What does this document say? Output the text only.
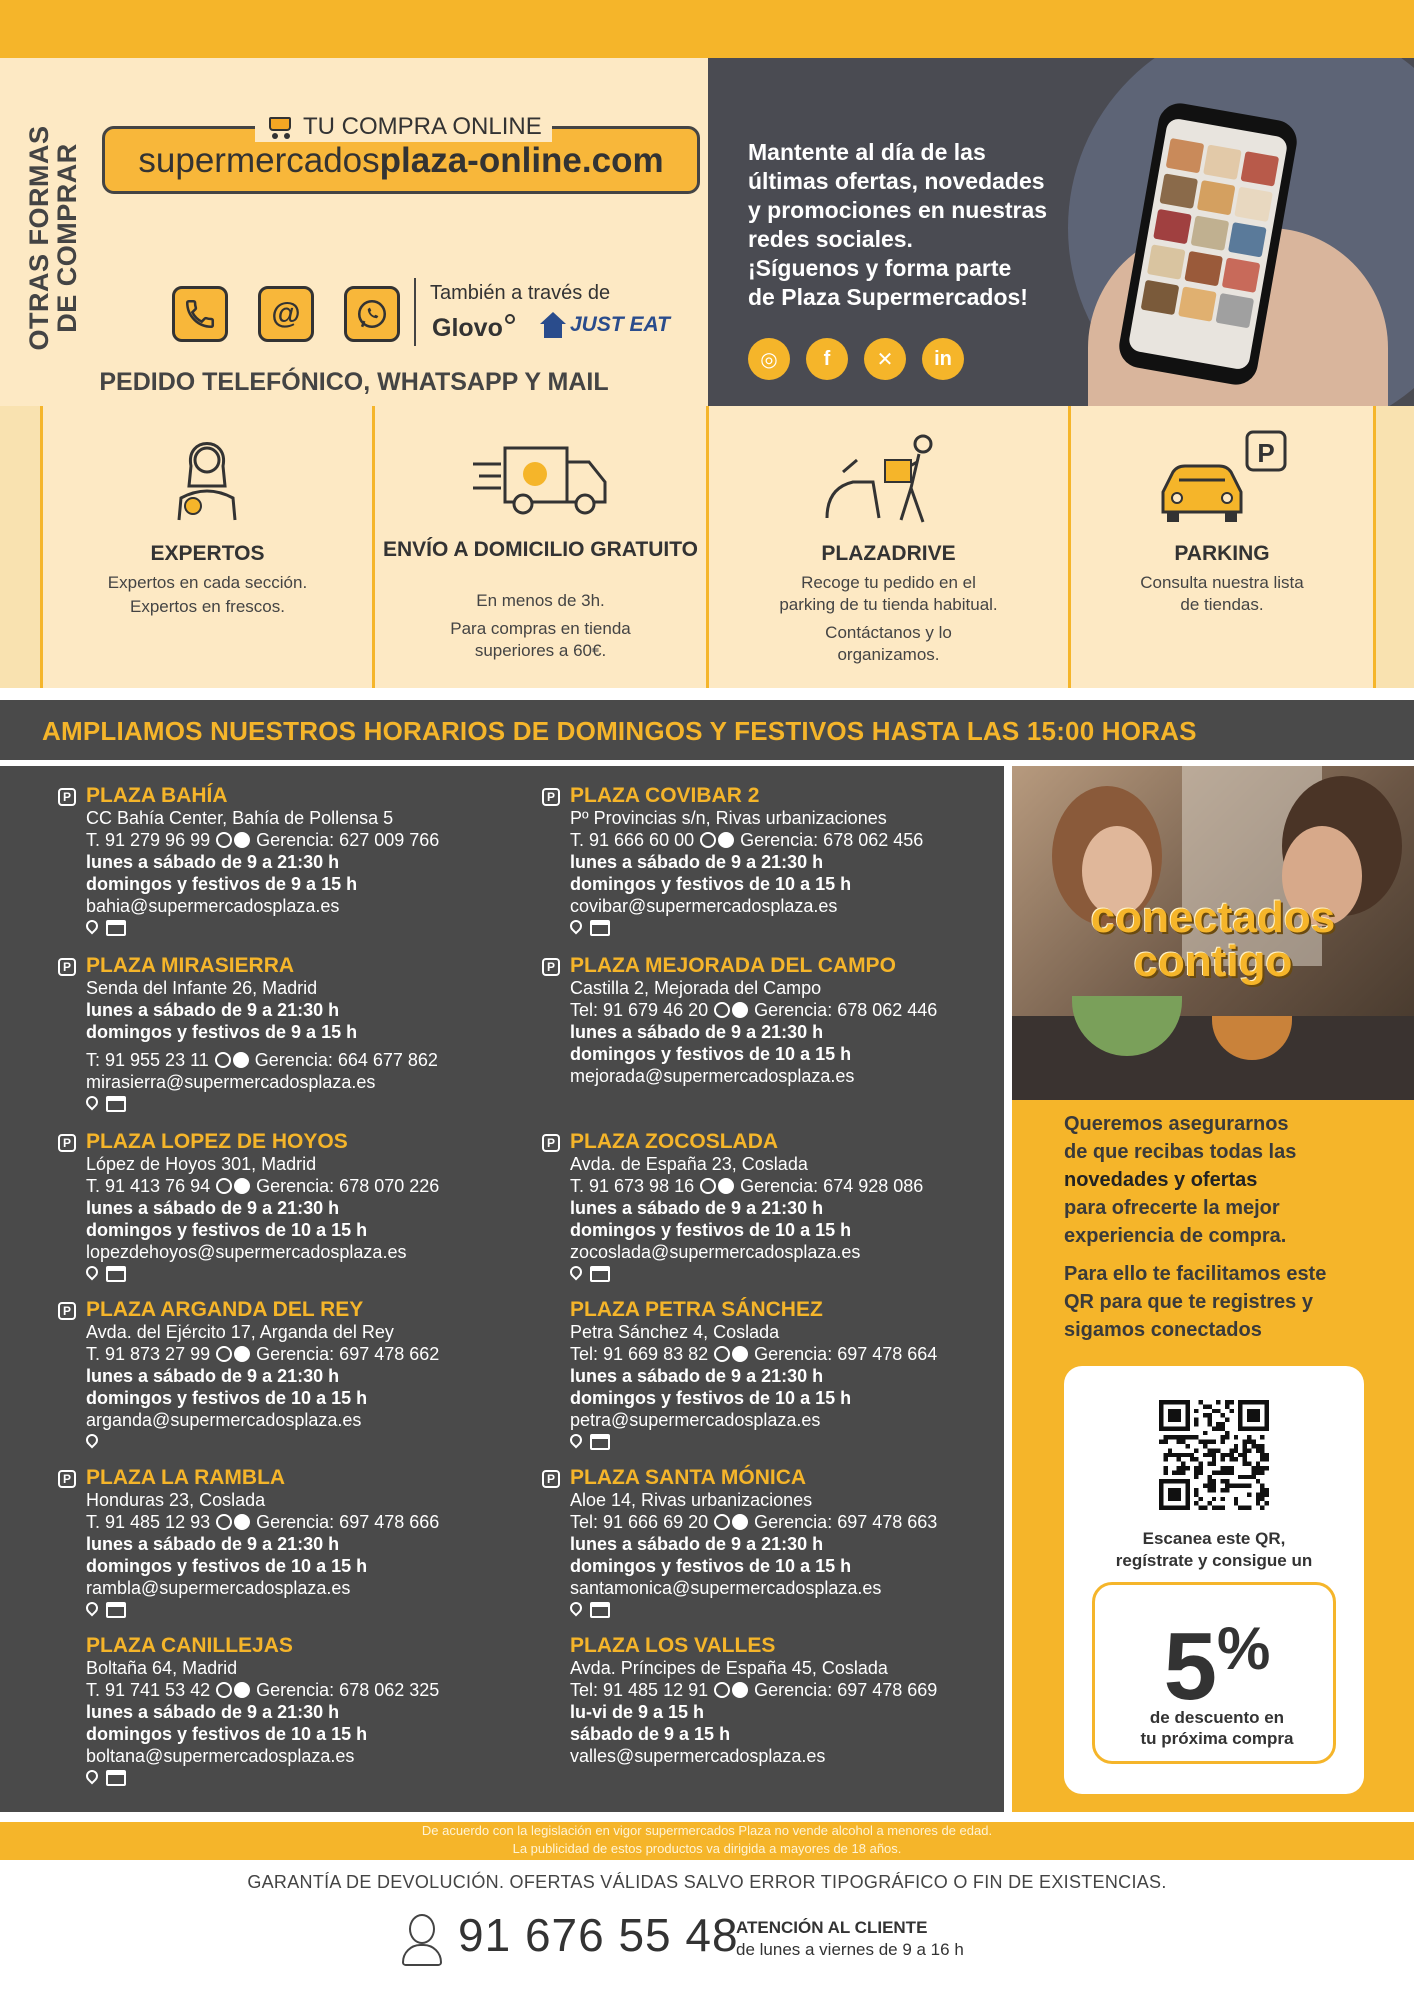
OTRAS FORMAS
DE COMPRAR
TU COMPRA ONLINE
supermercadosplaza-online.com
@
También a través de
Glovo	JUST EAT
PEDIDO TELEFÓNICO, WHATSAPP Y MAIL
Mantente al día de las
últimas ofertas, novedades
y promociones en nuestras
redes sociales.
¡Síguenos y forma parte
de Plaza Supermercados!
◎	f	✕	in
EXPERTOS
Expertos en cada sección.
Expertos en frescos.
ENVÍO A DOMICILIO GRATUITO
En menos de 3h.
Para compras en tienda
superiores a 60€.
PLAZADRIVE
Recoge tu pedido en el
parking de tu tienda habitual.
Contáctanos y lo
organizamos.
P
PARKING
Consulta nuestra lista
de tiendas.
AMPLIAMOS NUESTROS HORARIOS DE DOMINGOS Y FESTIVOS HASTA LAS 15:00 HORAS
P PLAZA BAHÍA
CC Bahía Center, Bahía de Pollensa 5
T. 91 279 96 99	Gerencia: 627 009 766
lunes a sábado de 9 a 21:30 h
domingos y festivos de 9 a 15 h
bahia@supermercadosplaza.es
P PLAZA MIRASIERRA
Senda del Infante 26, Madrid
lunes a sábado de 9 a 21:30 h
domingos y festivos de 9 a 15 h
T: 91 955 23 11	Gerencia: 664 677 862
mirasierra@supermercadosplaza.es
P PLAZA LOPEZ DE HOYOS
López de Hoyos 301, Madrid
T. 91 413 76 94	Gerencia: 678 070 226
lunes a sábado de 9 a 21:30 h
domingos y festivos de 10 a 15 h
lopezdehoyos@supermercadosplaza.es
P PLAZA ARGANDA DEL REY
Avda. del Ejército 17, Arganda del Rey
T. 91 873 27 99	Gerencia: 697 478 662
lunes a sábado de 9 a 21:30 h
domingos y festivos de 10 a 15 h
arganda@supermercadosplaza.es
P PLAZA LA RAMBLA
Honduras 23, Coslada
T. 91 485 12 93	Gerencia: 697 478 666
lunes a sábado de 9 a 21:30 h
domingos y festivos de 10 a 15 h
rambla@supermercadosplaza.es
PLAZA CANILLEJAS
Boltaña 64, Madrid
T. 91 741 53 42	Gerencia: 678 062 325
lunes a sábado de 9 a 21:30 h
domingos y festivos de 10 a 15 h
boltana@supermercadosplaza.es
P PLAZA COVIBAR 2
Pº Provincias s/n, Rivas urbanizaciones
T. 91 666 60 00	Gerencia: 678 062 456
lunes a sábado de 9 a 21:30 h
domingos y festivos de 10 a 15 h
covibar@supermercadosplaza.es
P PLAZA MEJORADA DEL CAMPO
Castilla 2, Mejorada del Campo
Tel: 91 679 46 20	Gerencia: 678 062 446
lunes a sábado de 9 a 21:30 h
domingos y festivos de 10 a 15 h
mejorada@supermercadosplaza.es
P PLAZA ZOCOSLADA
Avda. de España 23, Coslada
T. 91 673 98 16	Gerencia: 674 928 086
lunes a sábado de 9 a 21:30 h
domingos y festivos de 10 a 15 h
zocoslada@supermercadosplaza.es
PLAZA PETRA SÁNCHEZ
Petra Sánchez 4, Coslada
Tel: 91 669 83 82	Gerencia: 697 478 664
lunes a sábado de 9 a 21:30 h
domingos y festivos de 10 a 15 h
petra@supermercadosplaza.es
P PLAZA SANTA MÓNICA
Aloe 14, Rivas urbanizaciones
Tel: 91 666 69 20	Gerencia: 697 478 663
lunes a sábado de 9 a 21:30 h
domingos y festivos de 10 a 15 h
santamonica@supermercadosplaza.es
PLAZA LOS VALLES
Avda. Príncipes de España 45, Coslada
Tel: 91 485 12 91	Gerencia: 697 478 669
lu-vi de 9 a 15 h
sábado de 9 a 15 h
valles@supermercadosplaza.es
conectados
contigo
Queremos asegurarnos
de que recibas todas las
novedades y ofertas
para ofrecerte la mejor
experiencia de compra.
Para ello te facilitamos este
QR para que te registres y
sigamos conectados
Escanea este QR,
regístrate y consigue un
5%
de descuento en
tu próxima compra
De acuerdo con la legislación en vigor supermercados Plaza no vende alcohol a menores de edad.
La publicidad de estos productos va dirigida a mayores de 18 años.
GARANTÍA DE DEVOLUCIÓN. OFERTAS VÁLIDAS SALVO ERROR TIPOGRÁFICO O FIN DE EXISTENCIAS.
91 676 55 48
ATENCIÓN AL CLIENTE
de lunes a viernes de 9 a 16 h
